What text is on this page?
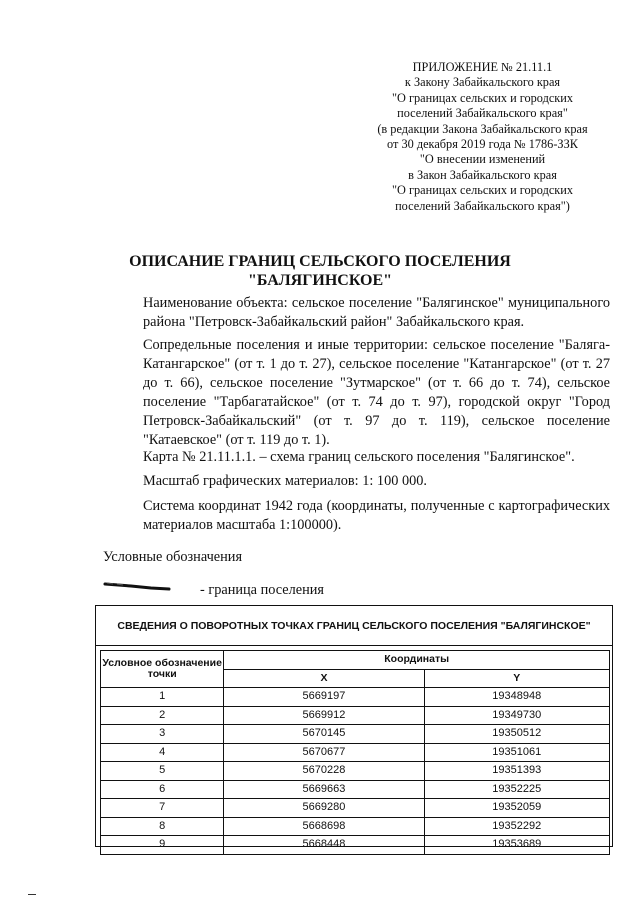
ПРИЛОЖЕНИЕ № 21.11.1
к Закону Забайкальского края
"О границах сельских и городских
поселений Забайкальского края"
(в редакции Закона Забайкальского края
от 30 декабря 2019 года № 1786-ЗЗК
"О внесении изменений
в Закон Забайкальского края
"О границах сельских и городских
поселений Забайкальского края")
ОПИСАНИЕ ГРАНИЦ СЕЛЬСКОГО ПОСЕЛЕНИЯ
"БАЛЯГИНСКОЕ"
Наименование объекта: сельское поселение "Балягинское" муниципального района "Петровск-Забайкальский район" Забайкальского края.
Сопредельные поселения и иные территории: сельское поселение "Баляга-Катангарское" (от т. 1 до т. 27), сельское поселение "Катангарское" (от т. 27 до т. 66), сельское поселение "Зутмарское" (от т. 66 до т. 74), сельское поселение "Тарбагатайское" (от т. 74 до т. 97), городской округ "Город Петровск-Забайкальский" (от т. 97 до т. 119), сельское поселение "Катаевское" (от т. 119 до т. 1).
Карта № 21.11.1.1. – схема границ сельского поселения "Балягинское".
Масштаб графических материалов: 1: 100 000.
Система координат 1942 года (координаты, полученные с картографических материалов масштаба 1:100000).
Условные обозначения
- граница поселения
СВЕДЕНИЯ О ПОВОРОТНЫХ ТОЧКАХ ГРАНИЦ СЕЛЬСКОГО ПОСЕЛЕНИЯ "БАЛЯГИНСКОЕ"
Условное обозначение точки	Координаты	
	X	Y
1	5669197	19348948
2	5669912	19349730
3	5670145	19350512
4	5670677	19351061
5	5670228	19351393
6	5669663	19352225
7	5669280	19352059
8	5668698	19352292
9	5668448	19353689
